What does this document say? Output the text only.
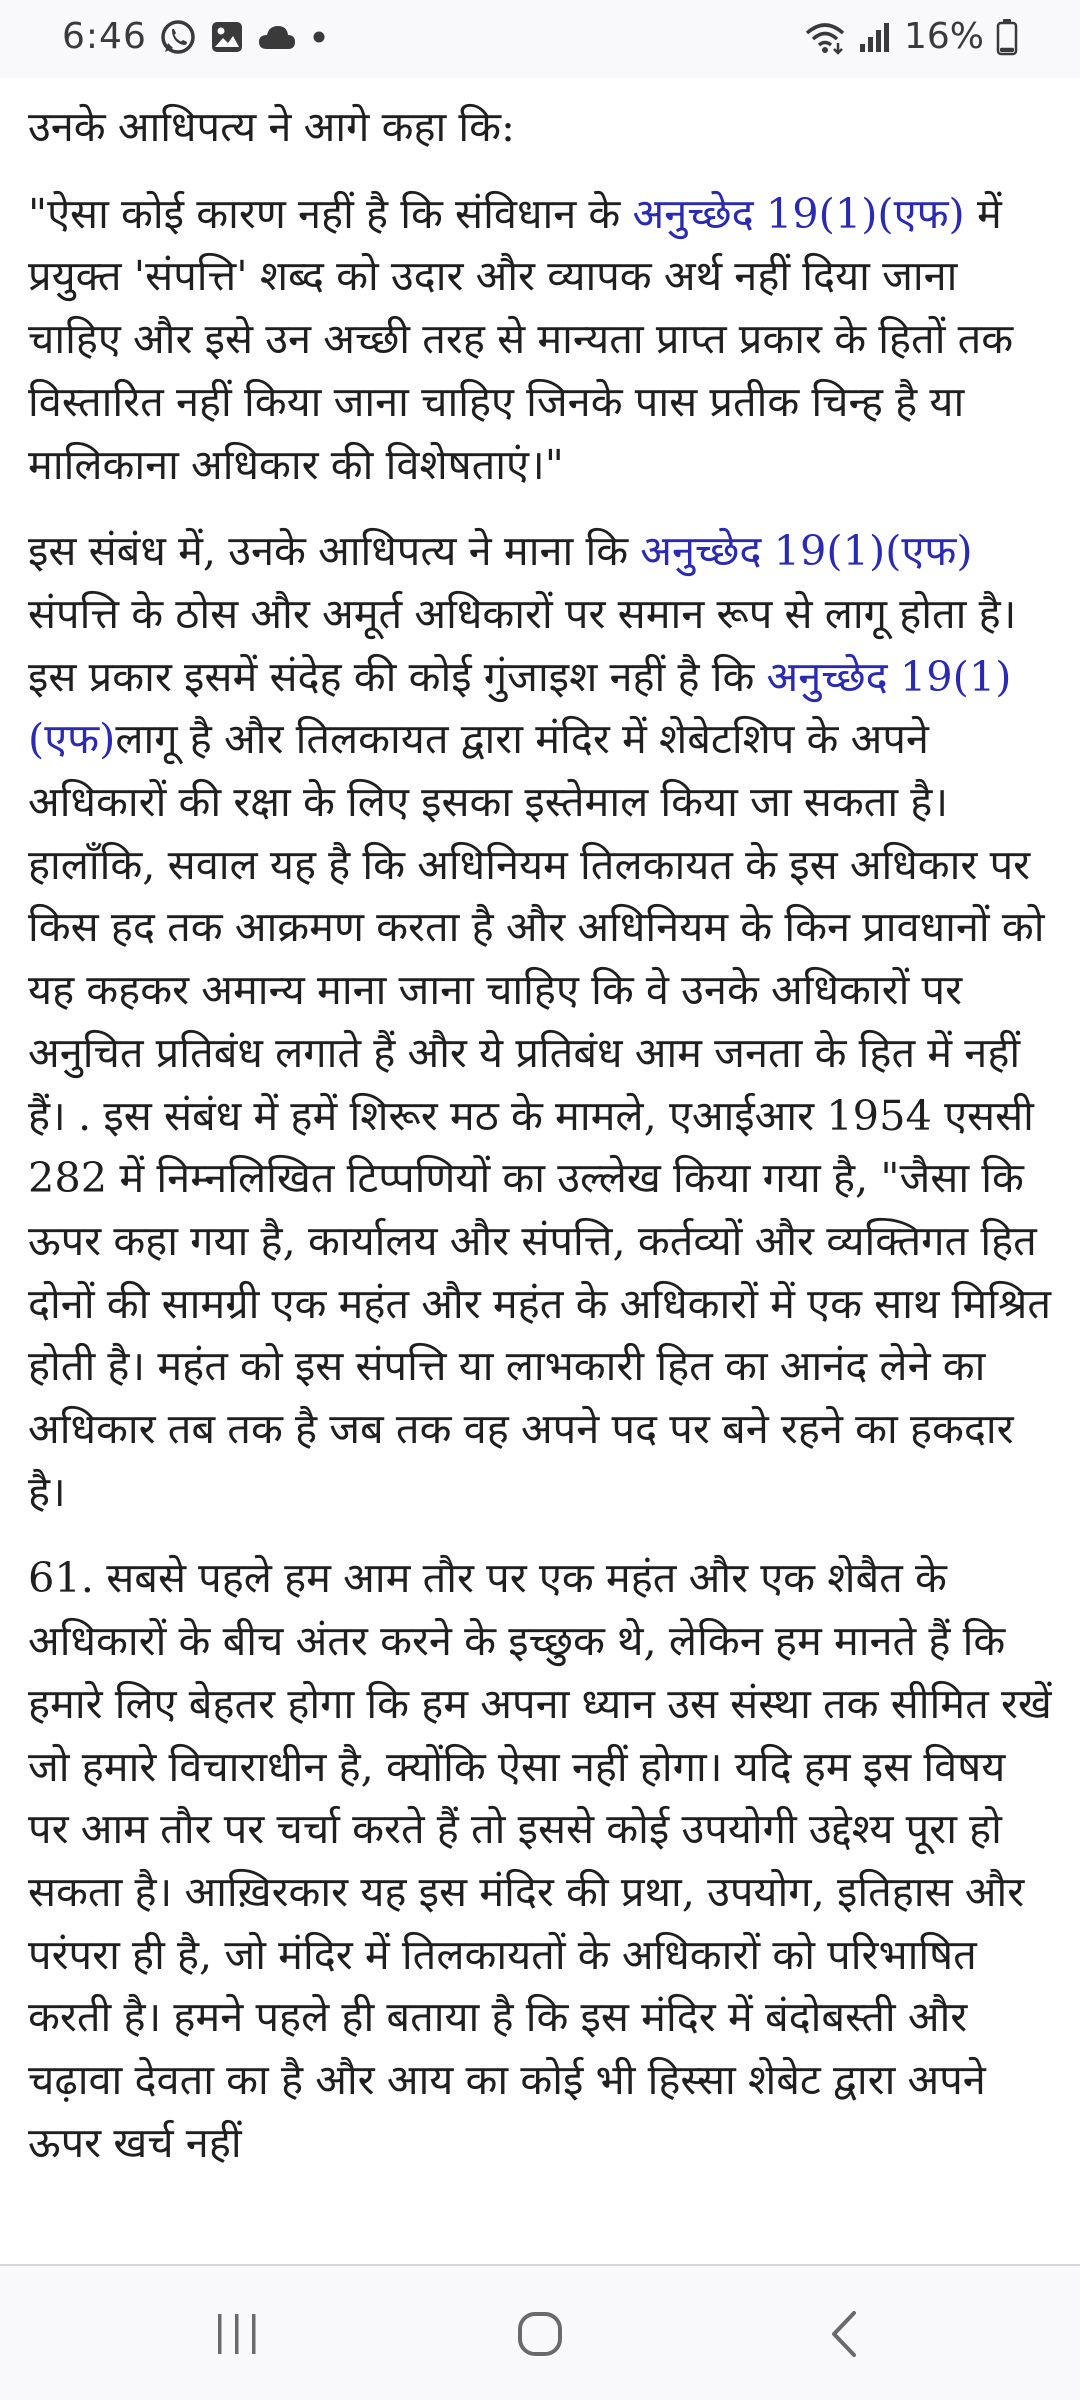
6:46	16%

उनके आधिपत्य ने आगे कहा कि:

"ऐसा कोई कारण नहीं है कि संविधान के अनुच्छेद 19(1)(एफ) में प्रयुक्त 'संपत्ति' शब्द को उदार और व्यापक अर्थ नहीं दिया जाना चाहिए और इसे उन अच्छी तरह से मान्यता प्राप्त प्रकार के हितों तक विस्तारित नहीं किया जाना चाहिए जिनके पास प्रतीक चिन्ह है या मालिकाना अधिकार की विशेषताएं।"

इस संबंध में, उनके आधिपत्य ने माना कि अनुच्छेद 19(1)(एफ) संपत्ति के ठोस और अमूर्त अधिकारों पर समान रूप से लागू होता है। इस प्रकार इसमें संदेह की कोई गुंजाइश नहीं है कि अनुच्छेद 19(1)(एफ)लागू है और तिलकायत द्वारा मंदिर में शेबेटशिप के अपने अधिकारों की रक्षा के लिए इसका इस्तेमाल किया जा सकता है। हालाँकि, सवाल यह है कि अधिनियम तिलकायत के इस अधिकार पर किस हद तक आक्रमण करता है और अधिनियम के किन प्रावधानों को यह कहकर अमान्य माना जाना चाहिए कि वे उनके अधिकारों पर अनुचित प्रतिबंध लगाते हैं और ये प्रतिबंध आम जनता के हित में नहीं हैं। . इस संबंध में हमें शिरूर मठ के मामले, एआईआर 1954 एससी 282 में निम्नलिखित टिप्पणियों का उल्लेख किया गया है, "जैसा कि ऊपर कहा गया है, कार्यालय और संपत्ति, कर्तव्यों और व्यक्तिगत हित दोनों की सामग्री एक महंत और महंत के अधिकारों में एक साथ मिश्रित होती है। महंत को इस संपत्ति या लाभकारी हित का आनंद लेने का अधिकार तब तक है जब तक वह अपने पद पर बने रहने का हकदार है।

61. सबसे पहले हम आम तौर पर एक महंत और एक शेबैत के अधिकारों के बीच अंतर करने के इच्छुक थे, लेकिन हम मानते हैं कि हमारे लिए बेहतर होगा कि हम अपना ध्यान उस संस्था तक सीमित रखें जो हमारे विचाराधीन है, क्योंकि ऐसा नहीं होगा। यदि हम इस विषय पर आम तौर पर चर्चा करते हैं तो इससे कोई उपयोगी उद्देश्य पूरा हो सकता है। आख़िरकार यह इस मंदिर की प्रथा, उपयोग, इतिहास और परंपरा ही है, जो मंदिर में तिलकायतों के अधिकारों को परिभाषित करती है। हमने पहले ही बताया है कि इस मंदिर में बंदोबस्ती और चढ़ावा देवता का है और आय का कोई भी हिस्सा शेबेट द्वारा अपने ऊपर खर्च नहीं
